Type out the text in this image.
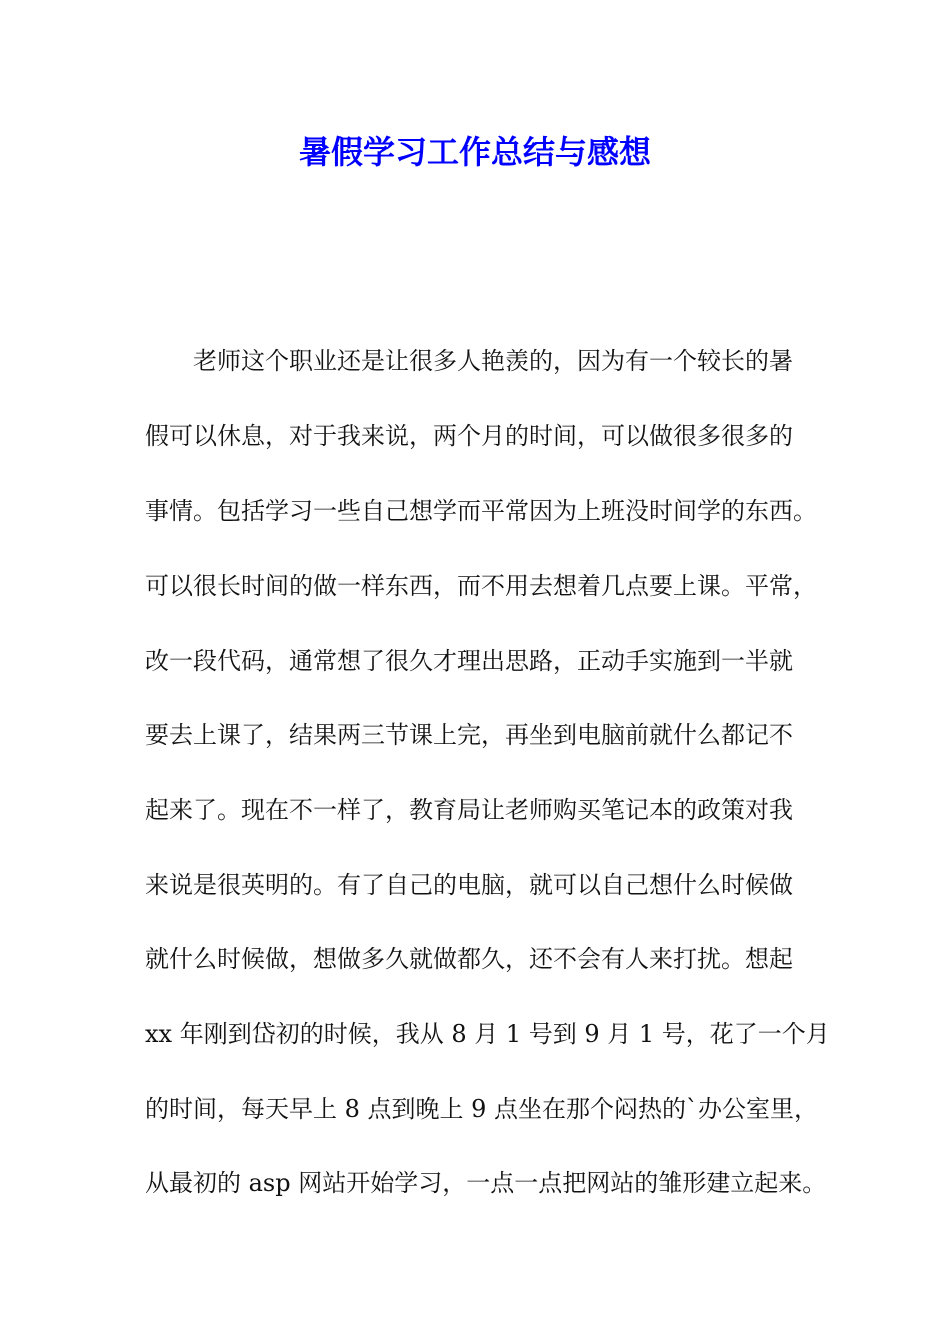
暑假学习工作总结与感想
老师这个职业还是让很多人艳羡的，因为有一个较长的暑
假可以休息，对于我来说，两个月的时间，可以做很多很多的
事情。包括学习一些自己想学而平常因为上班没时间学的东西。
可以很长时间的做一样东西，而不用去想着几点要上课。平常，
改一段代码，通常想了很久才理出思路，正动手实施到一半就
要去上课了，结果两三节课上完，再坐到电脑前就什么都记不
起来了。现在不一样了，教育局让老师购买笔记本的政策对我
来说是很英明的。有了自己的电脑，就可以自己想什么时候做
就什么时候做，想做多久就做都久，还不会有人来打扰。想起
xx 年刚到岱初的时候，我从 8 月 1 号到 9 月 1 号，花了一个月
的时间，每天早上 8 点到晚上 9 点坐在那个闷热的`办公室里，
从最初的 asp 网站开始学习，一点一点把网站的雏形建立起来。
